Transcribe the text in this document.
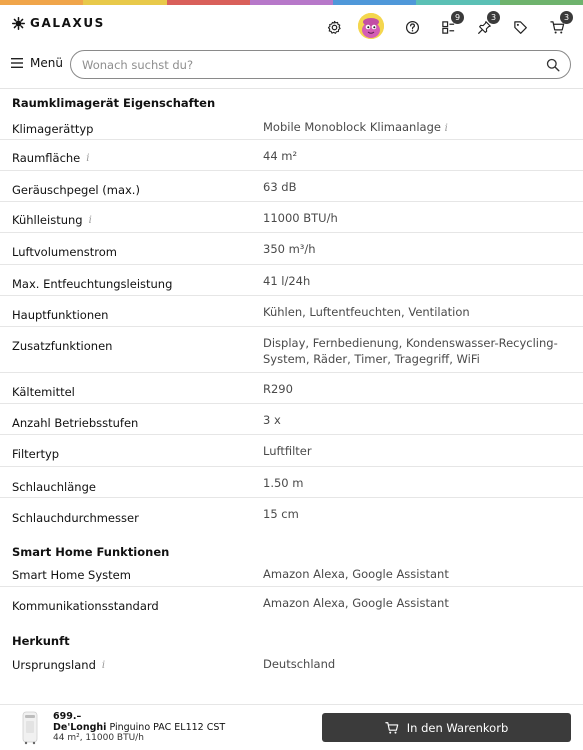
GALAXUS	9	3	3
Menü
Wonach suchst du?
Raumklimagerät Eigenschaften
Klimagerättyp	Mobile Monoblock Klimaanlage i
Raumfläche i	44 m²
Geräuschpegel (max.)	63 dB
Kühlleistung i	11000 BTU/h
Luftvolumenstrom	350 m³/h
Max. Entfeuchtungsleistung	41 l/24h
Hauptfunktionen	Kühlen, Luftentfeuchten, Ventilation
Zusatzfunktionen	Display, Fernbedienung, Kondenswasser-Recycling-System, Räder, Timer, Tragegriff, WiFi
Kältemittel	R290
Anzahl Betriebsstufen	3 x
Filtertyp	Luftfilter
Schlauchlänge	1.50 m
Schlauchdurchmesser	15 cm
Smart Home Funktionen
Smart Home System	Amazon Alexa, Google Assistant
Kommunikationsstandard	Amazon Alexa, Google Assistant
Herkunft
Ursprungsland i	Deutschland
699.–
De'Longhi Pinguino PAC EL112 CST
44 m², 11000 BTU/h
In den Warenkorb
